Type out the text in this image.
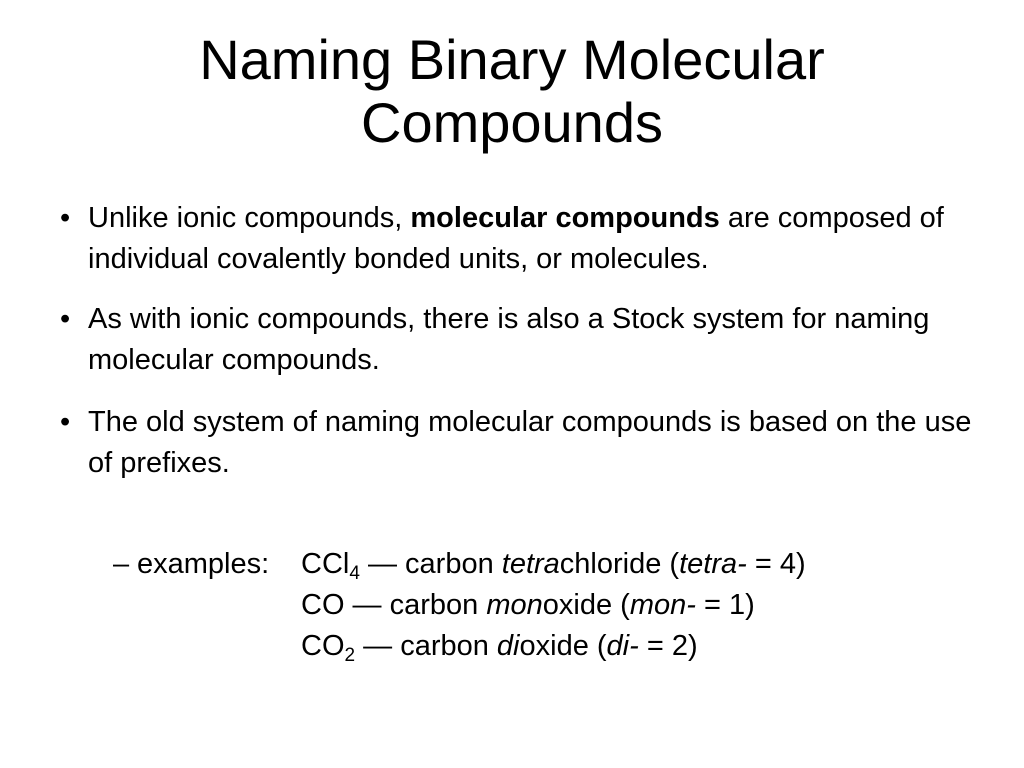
Naming Binary Molecular
Compounds
• Unlike ionic compounds, molecular compounds are composed of individual covalently bonded units, or molecules.
• As with ionic compounds, there is also a Stock system for naming molecular compounds.
• The old system of naming molecular compounds is based on the use of prefixes.
– examples: CCl$_4$ — carbon tetrachloride (tetra- = 4)
CO — carbon monoxide (mon- = 1)
$CO_2$ — carbon dioxide (di- = 2)
